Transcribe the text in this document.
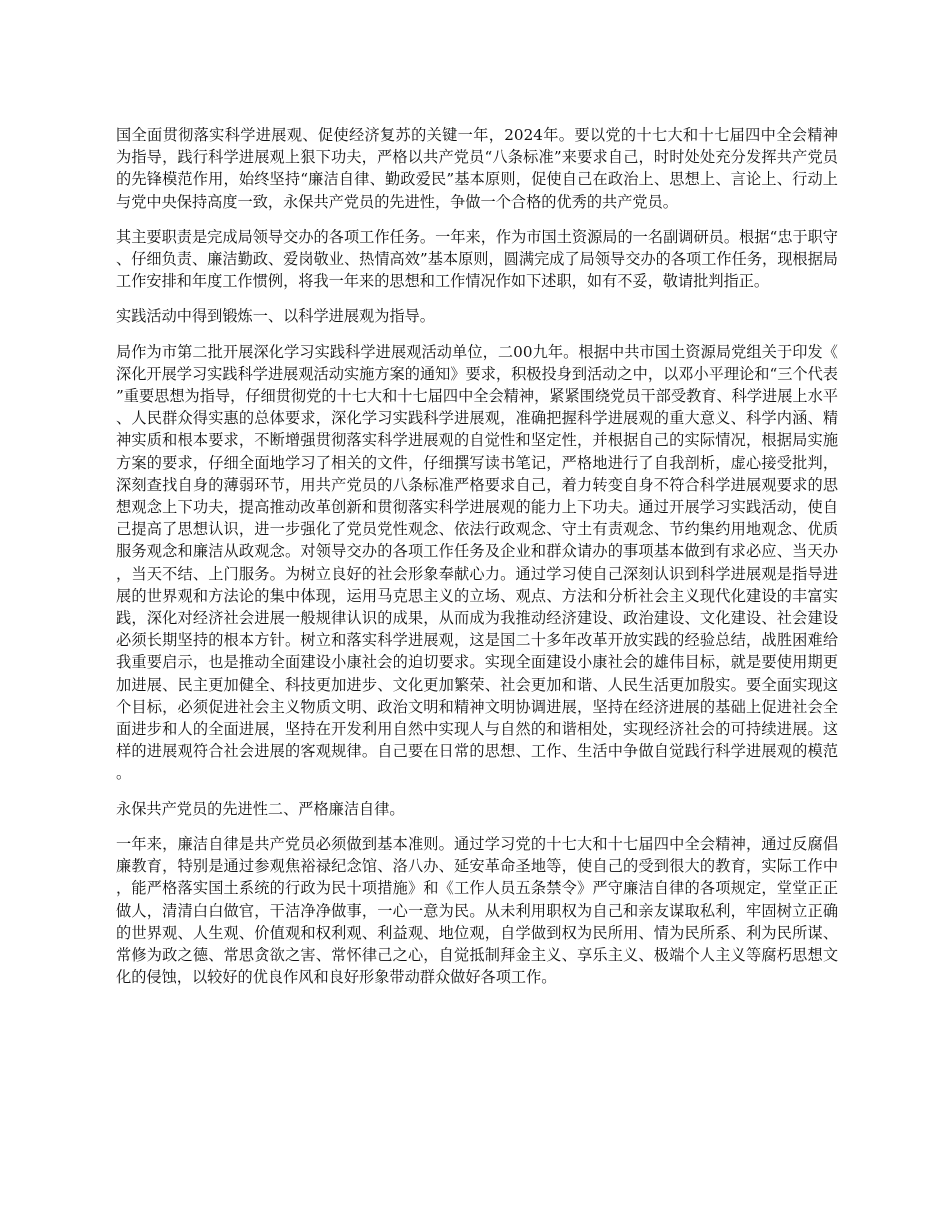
国全面贯彻落实科学进展观、促使经济复苏的关键一年，2024年。要以党的十七大和十七届四中全会精神为指导，践行科学进展观上狠下功夫，严格以共产党员“八条标准”来要求自己，时时处处充分发挥共产党员的先锋模范作用，始终坚持“廉洁自律、勤政爱民”基本原则，促使自己在政治上、思想上、言论上、行动上与党中央保持高度一致，永保共产党员的先进性，争做一个合格的优秀的共产党员。

其主要职责是完成局领导交办的各项工作任务。一年来，作为市国土资源局的一名副调研员。根据“忠于职守、仔细负责、廉洁勤政、爱岗敬业、热情高效”基本原则，圆满完成了局领导交办的各项工作任务，现根据局工作安排和年度工作惯例，将我一年来的思想和工作情况作如下述职，如有不妥，敬请批判指正。

实践活动中得到锻炼一、以科学进展观为指导。

局作为市第二批开展深化学习实践科学进展观活动单位，二00九年。根据中共市国土资源局党组关于印发《深化开展学习实践科学进展观活动实施方案的通知》要求，积极投身到活动之中，以邓小平理论和“三个代表”重要思想为指导，仔细贯彻党的十七大和十七届四中全会精神，紧紧围绕党员干部受教育、科学进展上水平、人民群众得实惠的总体要求，深化学习实践科学进展观，准确把握科学进展观的重大意义、科学内涵、精神实质和根本要求，不断增强贯彻落实科学进展观的自觉性和坚定性，并根据自己的实际情况，根据局实施方案的要求，仔细全面地学习了相关的文件，仔细撰写读书笔记，严格地进行了自我剖析，虚心接受批判，深刻查找自身的薄弱环节，用共产党员的八条标准严格要求自己，着力转变自身不符合科学进展观要求的思想观念上下功夫，提高推动改革创新和贯彻落实科学进展观的能力上下功夫。通过开展学习实践活动，使自己提高了思想认识，进一步强化了党员党性观念、依法行政观念、守土有责观念、节约集约用地观念、优质服务观念和廉洁从政观念。对领导交办的各项工作任务及企业和群众请办的事项基本做到有求必应、当天办，当天不结、上门服务。为树立良好的社会形象奉献心力。通过学习使自己深刻认识到科学进展观是指导进展的世界观和方法论的集中体现，运用马克思主义的立场、观点、方法和分析社会主义现代化建设的丰富实践，深化对经济社会进展一般规律认识的成果，从而成为我推动经济建设、政治建设、文化建设、社会建设必须长期坚持的根本方针。树立和落实科学进展观，这是国二十多年改革开放实践的经验总结，战胜困难给我重要启示，也是推动全面建设小康社会的迫切要求。实现全面建设小康社会的雄伟目标，就是要使用期更加进展、民主更加健全、科技更加进步、文化更加繁荣、社会更加和谐、人民生活更加殷实。要全面实现这个目标，必须促进社会主义物质文明、政治文明和精神文明协调进展，坚持在经济进展的基础上促进社会全面进步和人的全面进展，坚持在开发利用自然中实现人与自然的和谐相处，实现经济社会的可持续进展。这样的进展观符合社会进展的客观规律。自己要在日常的思想、工作、生活中争做自觉践行科学进展观的模范。

永保共产党员的先进性二、严格廉洁自律。

一年来，廉洁自律是共产党员必须做到基本准则。通过学习党的十七大和十七届四中全会精神，通过反腐倡廉教育，特别是通过参观焦裕禄纪念馆、洛八办、延安革命圣地等，使自己的受到很大的教育，实际工作中，能严格落实国土系统的行政为民十项措施》和《工作人员五条禁令》严守廉洁自律的各项规定，堂堂正正做人，清清白白做官，干洁净净做事，一心一意为民。从未利用职权为自己和亲友谋取私利，牢固树立正确的世界观、人生观、价值观和权利观、利益观、地位观，自学做到权为民所用、情为民所系、利为民所谋、常修为政之德、常思贪欲之害、常怀律己之心，自觉抵制拜金主义、享乐主义、极端个人主义等腐朽思想文化的侵蚀，以较好的优良作风和良好形象带动群众做好各项工作。
